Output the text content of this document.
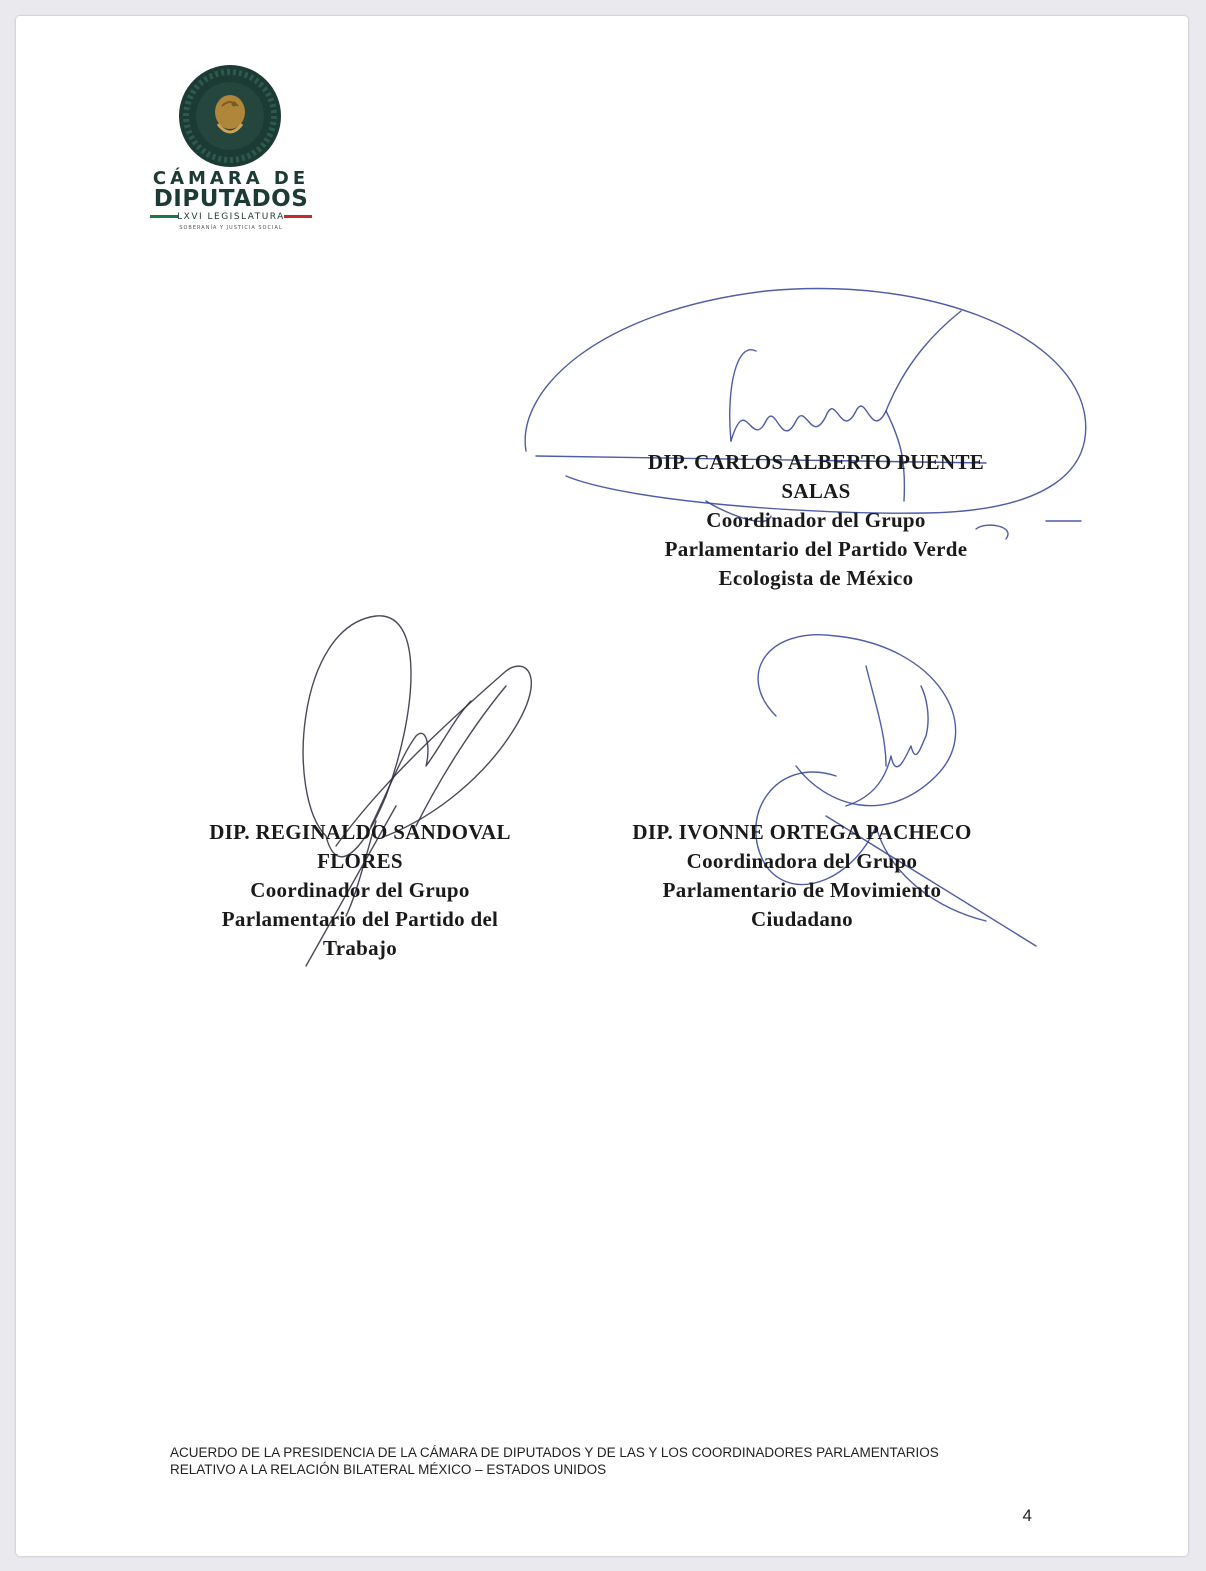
CÁMARA DE
DIPUTADOS
LXVI LEGISLATURA
SOBERANÍA Y JUSTICIA SOCIAL
DIP. CARLOS ALBERTO PUENTE
SALAS
Coordinador del Grupo
Parlamentario del Partido Verde
Ecologista de México
DIP. REGINALDO SANDOVAL
FLORES
Coordinador del Grupo
Parlamentario del Partido del
Trabajo
DIP. IVONNE ORTEGA PACHECO
Coordinadora del Grupo
Parlamentario de Movimiento
Ciudadano
ACUERDO DE LA PRESIDENCIA DE LA CÁMARA DE DIPUTADOS Y DE LAS Y LOS COORDINADORES PARLAMENTARIOS
RELATIVO A LA RELACIÓN BILATERAL MÉXICO – ESTADOS UNIDOS
4
